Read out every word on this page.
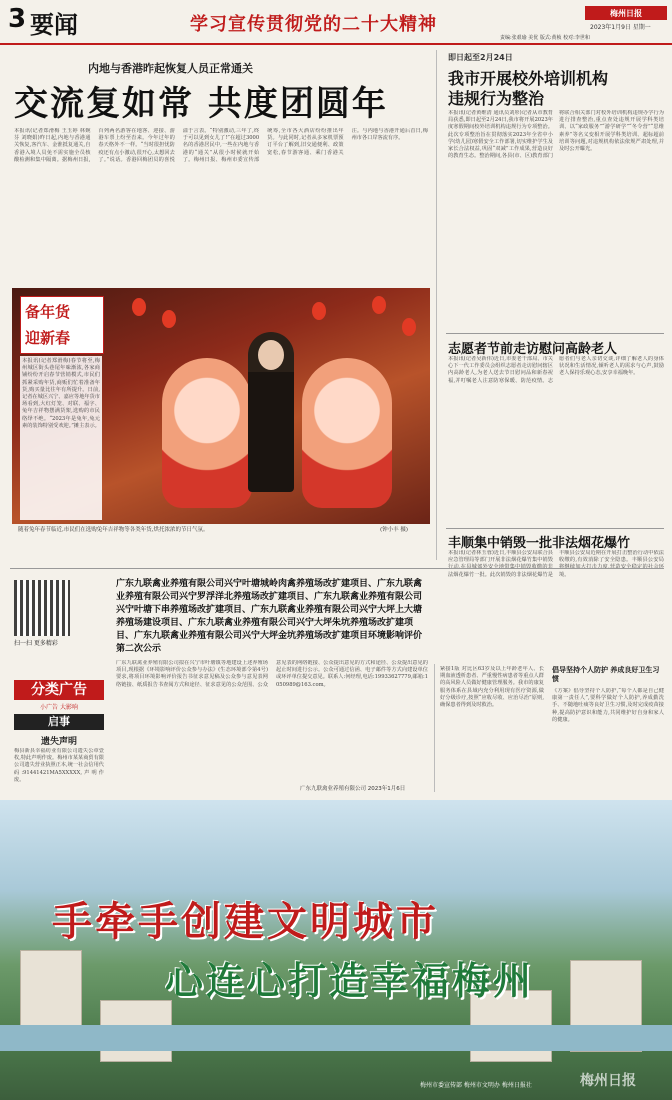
3 要闻	学习宣传贯彻党的二十大精神
梅州日报
2023年1月9日 星期一
责编:张艰瑜 美优 版式:黄桢 校对:李世和
内地与香港昨起恢复人员正常通关
交流复如常 共度团圆年
本报讯(记者郑滑梅 王玉婷 林婉芬 刘晓娟)昨日起,内地与香港通关恢复,客汽车、金淮抵复通关,自香港入境人员免不需实施全员核酸检测和集中隔离。据梅州日报,百列两名游客在地客、迎接、游港车票上纷至沓来。今年过年的春天格外不一样。“当时很担忧防疫还有点小激动,很开心,太想回去了。”说话。香港回梅团员的喜悦溢于言表。“特别激动,三年了,终于可以见到女儿了!”在超过3000名的香港居民中,一些在内地与香港的“通关”从很小时候就开始了。梅州日报、梅州市委宣传部统筹,全市各大酒店纷纷推出年货。与此同时,记者从多家机票预订平台了解到,旧交通便利、政策宽松,春节游客通、乘门香港关注。与内地与香港开通后首日,梅州市各口岸客流有序。
备年货
迎新春
本报讯(记者郑滑梅)春节将至,梅州城区街头巷尾年味渐浓,各家商铺纷纷开启春节营销模式,市民们抓紧采购年货,商贩们忙着准备年货,购买量比往年有所提升。日前,记者在城区兴宁、嘉应等地年货市场看到,大红灯笼、对联、福字、兔年吉祥物摆满货架,选购的市民络绎不绝。“2023年是兔年,兔元素的装饰特别受欢迎。”摊主表示。
随着兔年春节临近,市民们在选购兔年吉祥物等各类年货,烘托浓浓的节日气氛。	(钟小丰 摄)
即日起至2月24日
我市开展校外培训机构
违规行为整治
本报讯(记者黄维清 通讯员刘彤)记者从市教育局获悉,即日起至2月24日,我市将开展2023年度寒假期间校外培训机构违规行为专项整治。此次专项整治旨在贯彻落实2023年全省中小学(幼儿园)寒假安全工作部署,切实维护学生及家长合法权益,巩固“双减”工作成果,营造良好的教育生态。整治期间,各县(市、区)教育部门将联合相关部门对校外培训机构违规办学行为进行排查整治,重点查处违规开展学科类培训、以“家政服务”“游学研学”“冬令营”“思维素养”等名义变相开展学科类培训、超标超前培训等问题,对违规机构依法依规严肃处理,并及时公开曝光。
志愿者节前走访慰问高龄老人
本报讯(记者吴新伟)近日,市委老干部局、市关心下一代工作委员会组织志愿者走访慰问辖区内高龄老人,为老人送去节日慰问品和新春祝福,并叮嘱老人注意防寒保暖、防范疫情。志愿者们与老人亲切交谈,详细了解老人的身体状况和生活情况,倾听老人的需求与心声,鼓励老人保持乐观心态,安享幸福晚年。
丰顺集中销毁一批非法烟花爆竹
本报讯(记者林玉蓉)近日,丰顺县公安局联合县应急管理局等部门开展非法烟花爆竹集中销毁 法烟花爆竹一批。此次销毁的非法烟花爆竹是丰顺县公安局近期在开展打击整治行动中依法收缴的,有效消除了安全隐患。丰顺县公安局 境。
扫一扫 更多精彩
广东九联禽业养殖有限公司兴宁叶塘城岭肉禽养殖场改扩建项目、广东九联禽业养殖有限公司兴宁罗浮洋北养殖场改扩建项目、广东九联禽业养殖有限公司兴宁叶塘下串养殖场改扩建项目、广东九联禽业养殖有限公司兴宁大坪上大塘养殖场建设项目、广东九联禽业养殖有限公司兴宁大坪朱坑养殖场改扩建项目、广东九联禽业养殖有限公司兴宁大坪金坑养殖场改扩建项目环境影响评价第二次公示
广东九联禽业养殖有限公司拟在兴宁市叶塘镇等地建设上述养殖场项目,现根据《环境影响评价公众参与办法》(生态环境部令第4号)要求,将项目环境影响评价报告书征求意见稿及公众参与意见表网络链接、纸质报告书查阅方式和途径、征求意见的公众范围、公众意见表的网络链接、公众提出意见的方式和途径、公众提出意见的起止时间进行公示。公众可通过信函、电子邮件等方式向建设单位或环评单位提交意见。联系人:何经理,电话:19933627779,邮箱:1050989@163.com。
广东九联禽业养殖有限公司 2023年1月6日
分类广告
小广告 大影响
启事
遗失声明
梅县新县幸福纺业有限公司遗失公章壹枚,特此声明作废。梅州市某某商贸有限公司遗失营业执照正本,统一社会信用代码:91441421MA5XXXXX,声明作废。
紧接1版 对比区63岁及以上年龄老年人、长期血液透析患者、严重慢性病患者等重点人群的高风险人员做好健康管理服务。我市的康复服务体系在县域内充分利用现有医疗资源,做好分级诊疗,按照“应收尽收、应治尽治”原则,确保患者得到及时救治。
倡导坚持个人防护 养成良好卫生习惯
《方案》倡导坚持个人防护,“每个人都是自己健康第一责任人”,要科学做好个人防护,养成勤洗手、不随地吐痰等良好卫生习惯,及时完成疫苗接种,提高防护意识和能力,共同维护好自身和家人的健康。
手牵手创建文明城市
心连心打造幸福梅州
梅州市委宣传部 梅州市文明办 梅州日报社	梅州日报
